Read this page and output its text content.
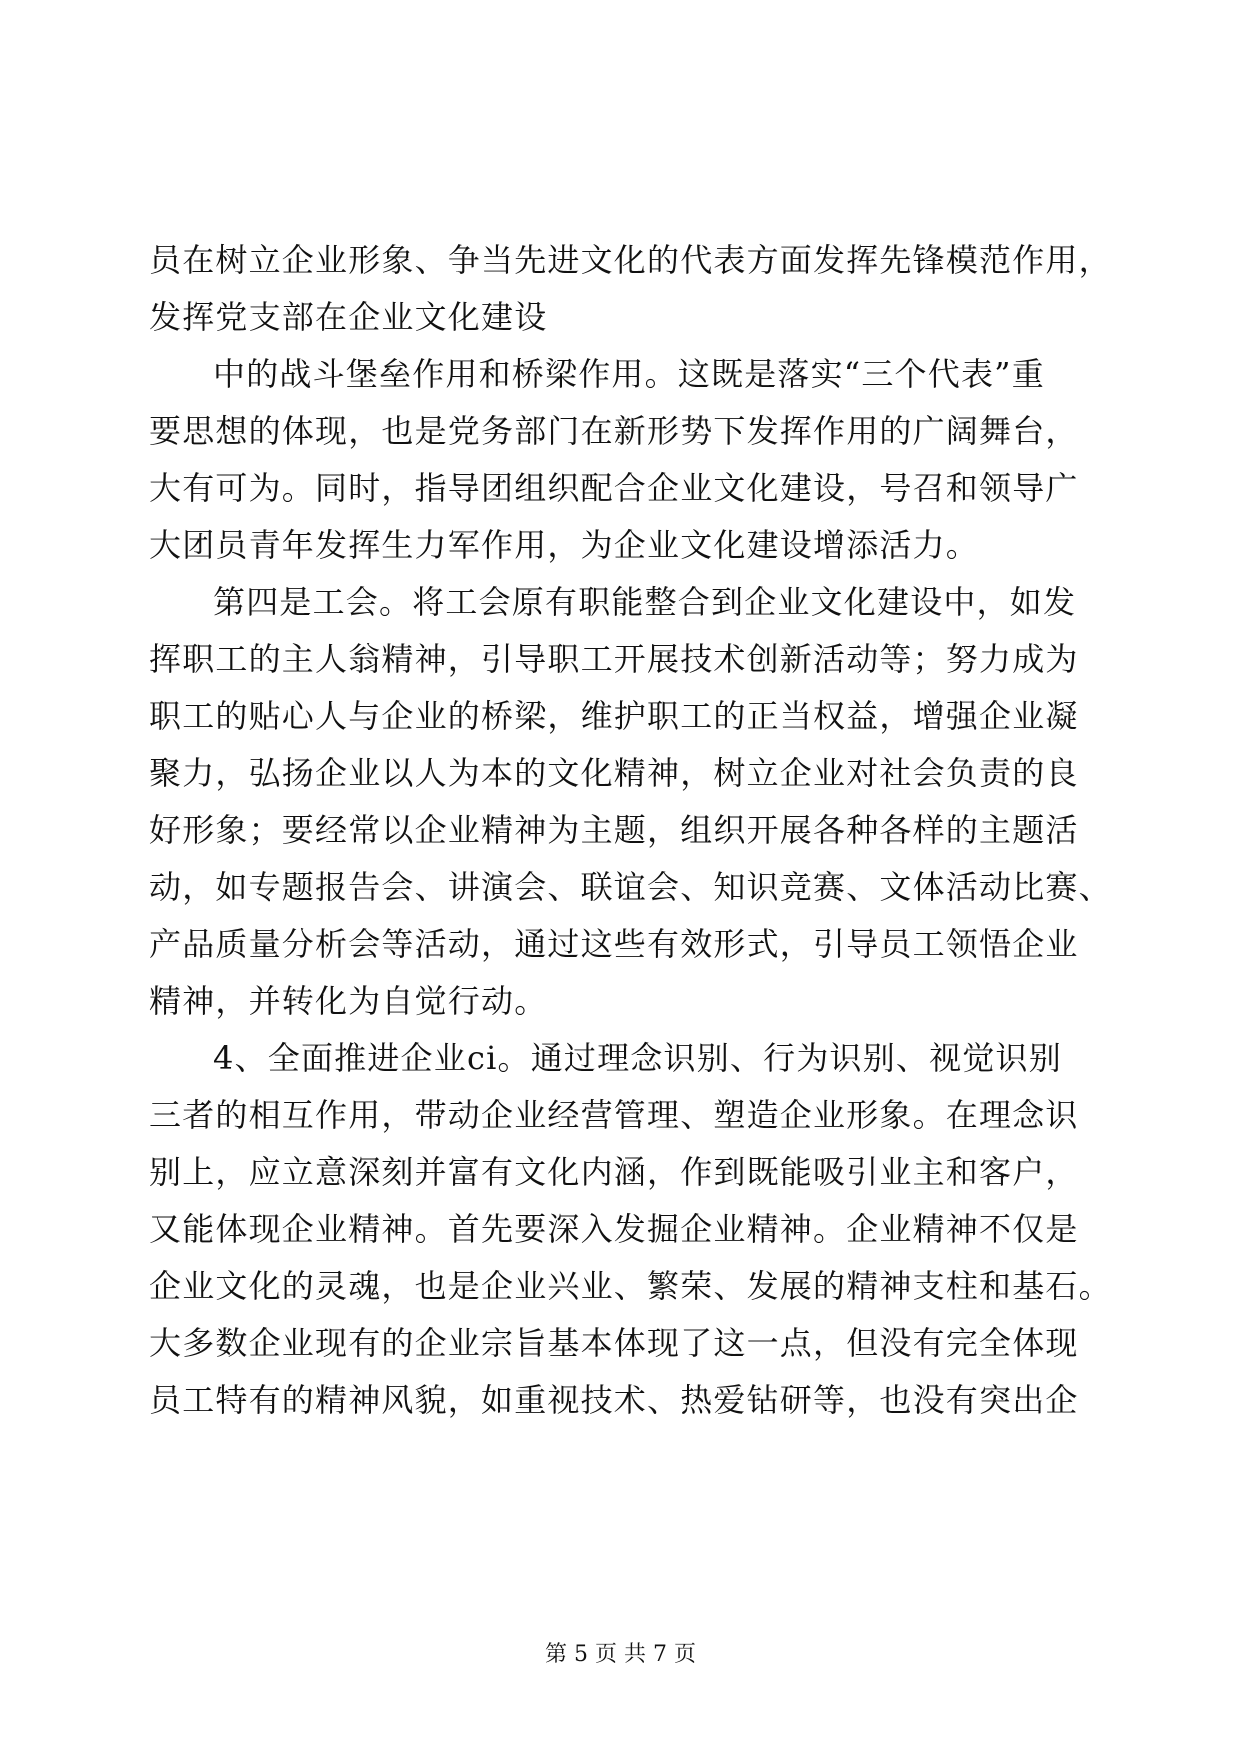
员在树立企业形象、争当先进文化的代表方面发挥先锋模范作用，
发挥党支部在企业文化建设
中的战斗堡垒作用和桥梁作用。这既是落实“三个代表”重
要思想的体现，也是党务部门在新形势下发挥作用的广阔舞台，
大有可为。同时，指导团组织配合企业文化建设，号召和领导广
大团员青年发挥生力军作用，为企业文化建设增添活力。
第四是工会。将工会原有职能整合到企业文化建设中，如发
挥职工的主人翁精神，引导职工开展技术创新活动等；努力成为
职工的贴心人与企业的桥梁，维护职工的正当权益，增强企业凝
聚力，弘扬企业以人为本的文化精神，树立企业对社会负责的良
好形象；要经常以企业精神为主题，组织开展各种各样的主题活
动，如专题报告会、讲演会、联谊会、知识竞赛、文体活动比赛、
产品质量分析会等活动，通过这些有效形式，引导员工领悟企业
精神，并转化为自觉行动。
4、全面推进企业ci。通过理念识别、行为识别、视觉识别
三者的相互作用，带动企业经营管理、塑造企业形象。在理念识
别上，应立意深刻并富有文化内涵，作到既能吸引业主和客户，
又能体现企业精神。首先要深入发掘企业精神。企业精神不仅是
企业文化的灵魂，也是企业兴业、繁荣、发展的精神支柱和基石。
大多数企业现有的企业宗旨基本体现了这一点，但没有完全体现
员工特有的精神风貌，如重视技术、热爱钻研等，也没有突出企
第 5 页 共 7 页
